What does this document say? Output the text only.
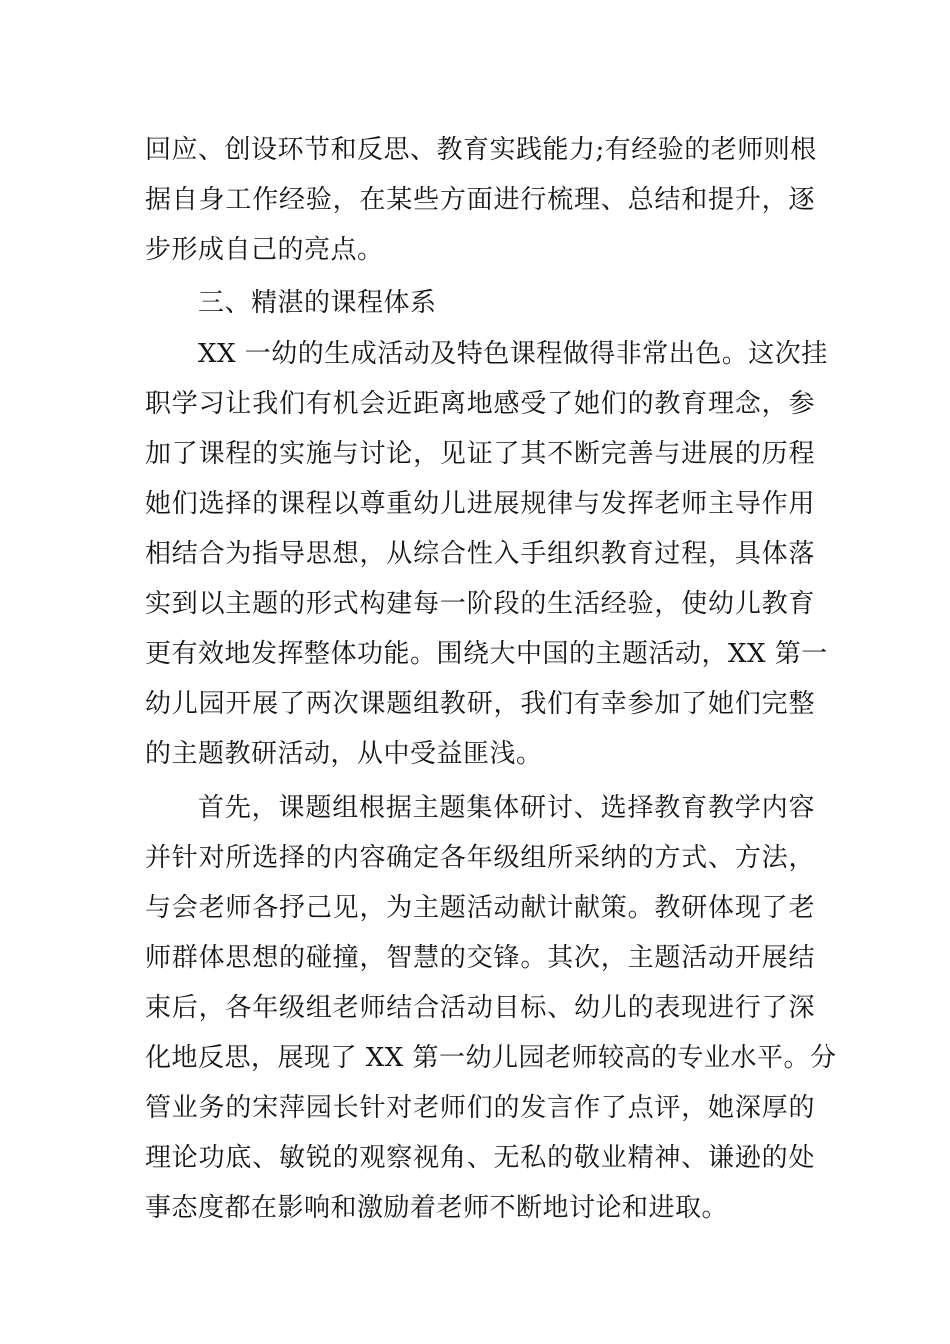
回应、创设环节和反思、教育实践能力;有经验的老师则根
据自身工作经验，在某些方面进行梳理、总结和提升，逐
步形成自己的亮点。
三、精湛的课程体系
XX 一幼的生成活动及特色课程做得非常出色。这次挂
职学习让我们有机会近距离地感受了她们的教育理念，参
加了课程的实施与讨论，见证了其不断完善与进展的历程
她们选择的课程以尊重幼儿进展规律与发挥老师主导作用
相结合为指导思想，从综合性入手组织教育过程，具体落
实到以主题的形式构建每一阶段的生活经验，使幼儿教育
更有效地发挥整体功能。围绕大中国的主题活动，XX 第一
幼儿园开展了两次课题组教研，我们有幸参加了她们完整
的主题教研活动，从中受益匪浅。
首先，课题组根据主题集体研讨、选择教育教学内容
并针对所选择的内容确定各年级组所采纳的方式、方法，
与会老师各抒己见，为主题活动献计献策。教研体现了老
师群体思想的碰撞，智慧的交锋。其次，主题活动开展结
束后，各年级组老师结合活动目标、幼儿的表现进行了深
化地反思，展现了 XX 第一幼儿园老师较高的专业水平。分
管业务的宋萍园长针对老师们的发言作了点评，她深厚的
理论功底、敏锐的观察视角、无私的敬业精神、谦逊的处
事态度都在影响和激励着老师不断地讨论和进取。
